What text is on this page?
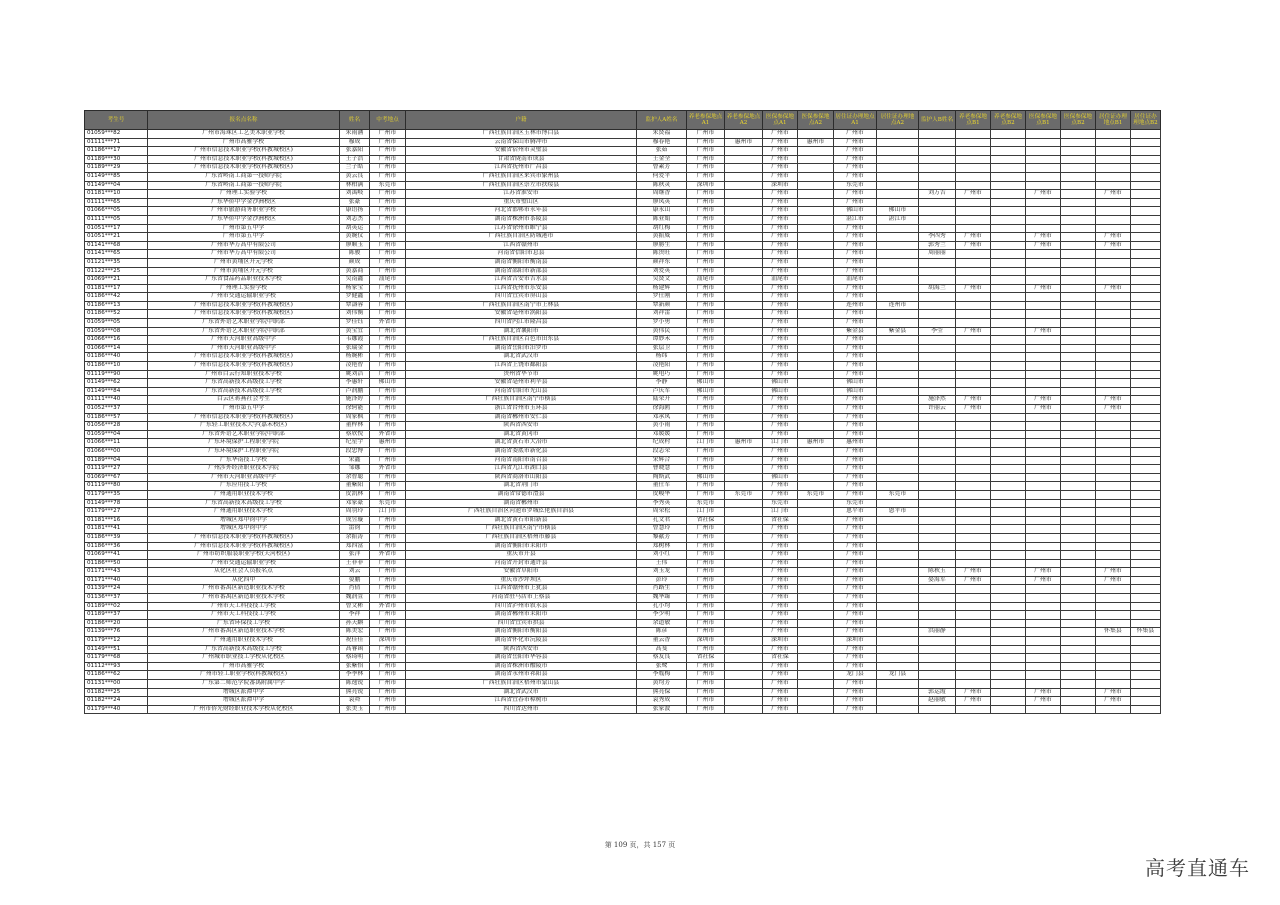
考生号	报名点名称	姓名	中考地点	户籍	监护人A姓名	养老参保地点A1	养老参保地点A2	医保参保地点A1	医保参保地点A2	居住证办理地点A1	居住证办理地点A2	监护人B姓名	养老参保地点B1	养老参保地点B2	医保参保地点B1	医保参保地点B2	居住证办理地点B1	居住证办理地点B2
01059***82	广州市海珠区工艺美术职业学校	朱雨涵	广州市	广西壮族自治区玉林市博白县	朱贤福	广州市		广州市		广州市								
01111***71	广州市高雅学校	穆成	广州市	云南省保山市腾冲市	穆春艳	广州市	惠州市	广州市	惠州市	广州市								
01186***17	广州市信息技术职业学校(科教城校区)	张嘉阳	广州市	安徽省宿州市灵璧县	张茹	广州市		广州市		广州市								
01189***30	广州市信息技术职业学校(科教城校区)	王子浩	广州市	甘肃省陇南市成县	王金全	广州市		广州市		广州市								
01189***29	广州市信息技术职业学校(科教城校区)	兰子皓	广州市	江西省抚州市广昌县	曾素芳	广州市		广州市		广州市								
01149***85	广东省岭南工商第一技师学院	黄云良	广州市	广西壮族自治区来宾市象州县	何爱平	广州市		广州市		广州市								
01149***04	广东省岭南工商第一技师学院	林柏满	东莞市	广西壮族自治区崇左市扶绥县	陈秋灵	深圳市		深圳市		东莞市								
01181***10	广州理工实验学校	刘禹岐	广州市	江苏省淮安市	周继香	广州市		广州市		广州市		刘万吉	广州市		广州市		广州市	
01111***65	广东华侨中学金沙洲校区	张豪	广州市	重庆市璧山区	廖凤英	广州市		广州市		广州市								
01066***05	广州市旅游商务职业学校	康语扬	广州市	河北省邯郸市永年县	康永山	广州市		广州市		佛山市	佛山市							
01111***05	广东华侨中学金沙洲校区	刘志杰	广州市	湖南省株洲市茶陵县	陈亚娟	广州市		广州市		湛江市	湛江市							
01051***17	广州市第五中学	胡英运	广州市	江苏省徐州市睢宁县	胡红梅	广州市		广州市		广州市								
01051***21	广州市第五中学	黄婉仪	广州市	广西壮族自治区防城港市	黄振威	广州市		广州市		广州市		李四秀	广州市		广州市		广州市	
01141***68	广州市华万高中有限公司	廖顺玉	广州市	江西省赣州市	廖勝生	广州市		广州市		广州市		郭秀兰	广州市		广州市		广州市	
01141***65	广州市华万高中有限公司	陈骏	广州市	河南省信阳市息县	陈贵旺	广州市		广州市		广州市		周丽丽						
01121***35	广州市黄埔区开元学校	颜成	广州市	湖南省衡阳市衡南县	颜祥东	广州市		广州市		广州市								
01122***25	广州市黄埔区开元学校	黄嘉商	广州市	湖南省邵阳市新邵县	刘爱英	广州市		广州市		广州市								
01069***21	广东省食品药品职业技术学校	吴南鑫	汕尾市	江西省吉安市吉水县	吴贤文	汕尾市		汕尾市		汕尾市								
01181***17	广州理工实验学校	杨家宝	广州市	江西省抚州市乐安县	杨建辉	广州市		广州市		广州市		胡海兰	广州市		广州市		广州市	
01186***42	广州市交通运输职业学校	罗健鑫	广州市	四川省宜宾市屏山县	罗仕刚	广州市		广州市		广州市								
01186***13	广州市信息技术职业学校(科教城校区)	覃濤蓉	广州市	广西壮族自治区南宁市上林县	覃新颜	广州市		广州市		连州市	连州市							
01186***52	广州市信息技术职业学校(科教城校区)	刘伟衡	广州市	安徽省亳州市涡阳县	刘祥雷	广州市		广州市		广州市								
01059***05	广东省外语艺术职业学院中职部	罗佳钰	外省市	四川省内江市隆昌县	罗小勇	广州市		广州市		广州市								
01059***08	广东省外语艺术职业学院中职部	黄宝宜	广州市	湖北省襄阳市	黄伟民	广州市		广州市		紫金县	紫金县	李莹	广州市		广州市			
01066***16	广州市天河职业高级中学	韦娜霞	广州市	广西壮族自治区百色市田东县	谭妙禾	广州市		广州市		广州市								
01066***14	广州市天河职业高级中学	张瑞金	广州市	湖南省岳阳市汨罗市	张层卫	广州市		广州市		广州市								
01186***40	广州市信息技术职业学校(科教城校区)	杨婉彬	广州市	湖北省武汉市	杨纬	广州市		广州市		广州市								
01186***10	广州市信息技术职业学校(科教城校区)	凌艳智	广州市	江西省上饶市鄱阳县	凌艳阳	广州市		广州市		广州市								
01119***90	广州市白云行知职业技术学校	姚刘洁	广州市	贵州省毕节市	姚电巧	广州市		广州市		广州市								
01149***62	广东省高新技术高级技工学校	李惠轩	佛山市	安徽省亳州市利辛县	李静	佛山市		佛山市		佛山市								
01149***84	广东省高新技术高级技工学校	卢润鹏	广州市	河南省信阳市光山县	卢庆军	佛山市		佛山市		佛山市								
01111***40	白云区蒋燕社会考生	施泽婷	广州市	广西壮族自治区南宁市横县	陆荣开	广州市		广州市		广州市		施泽然	广州市		广州市		广州市	
01052***37	广州市第五中学	徐轲能	广州市	浙江省台州市玉环县	徐海鸥	广州市		广州市		广州市		许丽云	广州市		广州市		广州市	
01186***57	广州市信息技术职业学校(科教城校区)	周家枫	广州市	湖南省郴州市安仁县	邓承凤	广州市		广州市		广州市								
01056***28	广东轻工职业技术大学(嘉禾校区)	董梓林	广州市	陕西省西安市	黄小雨	广州市		广州市		广州市								
01059***04	广东省外语艺术职业学院中职部	蔡欣悦	外省市	湖北省黄冈市	邓媛媛	广州市		广州市		广州市								
01066***11	广东环境保护工程职业学院	纪星宇	惠州市	湖北省黄石市大冶市	纪成村	江门市	惠州市	江门市	惠州市	惠州市								
01066***00	广东环境保护工程职业学院	段忠博	广州市	湖南省娄底市新化县	段志荣	广州市		广州市		广州市								
01189***04	广东华南技工学校	宋鑫	广州市	河南省南阳市南召县	宋辉合	广州市		广州市		广州市								
01119***27	广州涉外经济职业技术学院	邹娜	外省市	江西省九江市湖口县	曹晓慧	广州市		广州市		广州市								
01069***67	广州市天河职业高级中学	余智聪	广州市	陕西省商洛市山阳县	陶斯武	佛山市		佛山市		广州市								
01119***80	广东应用技工学校	董紫阳	广州市	湖北省荆门市	董仕军	广州市		广州市		广州市								
01179***35	广州通用职业技术学校	皮凯林	广州市	湖南省常德市澧县	皮峻华	广州市	东莞市	广州市	东莞市	广州市	东莞市							
01149***78	广东省高新技术高级技工学校	邓家豪	东莞市	湖南省郴州市	李秀英	东莞市		东莞市		东莞市								
01179***27	广州通用职业技术学校	周羽玲	江门市	广西壮族自治区河池市罗城仫佬族自治县	周荣松	江门市		江门市		恩平市	恩平市							
01181***16	增城区郑中钧中学	成昱璇	广州市	湖北省黄石市阳新县	孔文君	省社保		省社保		广州市								
01181***41	增城区郑中钧中学	雷钧	广州市	广西壮族自治区南宁市横县	曾慧玲	广州市		广州市		广州市								
01186***39	广州市信息技术职业学校(科教城校区)	余振涛	广州市	广西壮族自治区梧州市藤县	黎献芳	广州市		广州市		广州市								
01186***36	广州市信息技术职业学校(科教城校区)	郑四富	广州市	湖南省衡阳市耒阳市	郑树林	广州市		广州市		广州市								
01069***41	广州市纺织服装职业学校(天河校区)	张洋	外省市	重庆市开县	刘小红	广州市		广州市		广州市								
01186***50	广州市交通运输职业学校	王菲菲	广州市	河南省开封市通许县	王伟	广州市		广州市		广州市								
01171***43	从化区社会人员报名点	刘云	广州市	安徽省阜阳市	刘玉龙	广州市		广州市		广州市		陈秋玉	广州市		广州市		广州市	
01171***40	从化四中	晏鹏	广州市	重庆市沙坪坝区	彭玲	广州市		广州市		广州市		晏海军	广州市		广州市		广州市	
01139***24	广州市番禺区新造职业技术学校	肖倩	广州市	江西省赣州市上犹县	肖路生	广州市		广州市		广州市								
01136***37	广州市番禺区新造职业技术学校	魏润萱	广州市	河南省驻马店市上蔡县	魏华臻	广州市		广州市		广州市								
01189***02	广州市天工科技技工学校	曾文彬	外省市	四川省泸州市叙永县	孔小均	广州市		广州市		广州市								
01189***37	广州市天工科技技工学校	李祥	广州市	湖南省郴州市耒阳市	李少明	广州市		广州市		广州市								
01186***20	广东省环保技工学校	孙天麒	广州市	四川省宜宾市拱县	余道敏	广州市		广州市		广州市								
01139***76	广州市番禺区新造职业技术学校	陈美宏	广州市	湖南省衡阳市衡阳县	陈彦	广州市		广州市		广州市		洪丽静					怀集县	怀集县
01179***12	广州通用职业技术学校	祝佳佳	深圳市	湖南省怀化市沅陵县	董云香	深圳市		深圳市		深圳市								
01149***51	广东省高新技术高级技工学校	高睿函	广州市	陕西省西安市	高斐	广州市		广州市		广州市								
01179***68	广州城市职业技工学校从化校区	蔡琦明	广州市	湖南省岳阳市华容县	蔡友良	省社保		省社保		广州市								
01112***93	广州市高雅学校	张紫怡	广州市	湖南省株洲市醴陵市	张鹭	广州市		广州市		广州市								
01186***62	广州市轻工职业学校(科教城校区)	李季林	广州市	湖南省永州市祁阳县	李胤梅	广州市		广州市		龙门县	龙门县							
01131***00	广东第二师范学院番禺附属中学	陈逸锐	广州市	广西壮族自治区梧州市蒙山县	黄均芳	广州市		广州市		广州市								
01182***25	增城区派潭中学	熊亮锐	广州市	湖北省武汉市	熊亮保	广州市		广州市		广州市		郭运霞	广州市		广州市		广州市	
01182***24	增城区派潭中学	袁舜	广州市	江西省宜春市樟树市	袁秀成	广州市		广州市		广州市		赵丽敏	广州市		广州市		广州市	
01179***40	广州市侨光财经职业技术学校从化校区	张美玉	广州市	四川省达州市	张家波	广州市		广州市		广州市								
第 109 页，共 157 页
高考直通车
